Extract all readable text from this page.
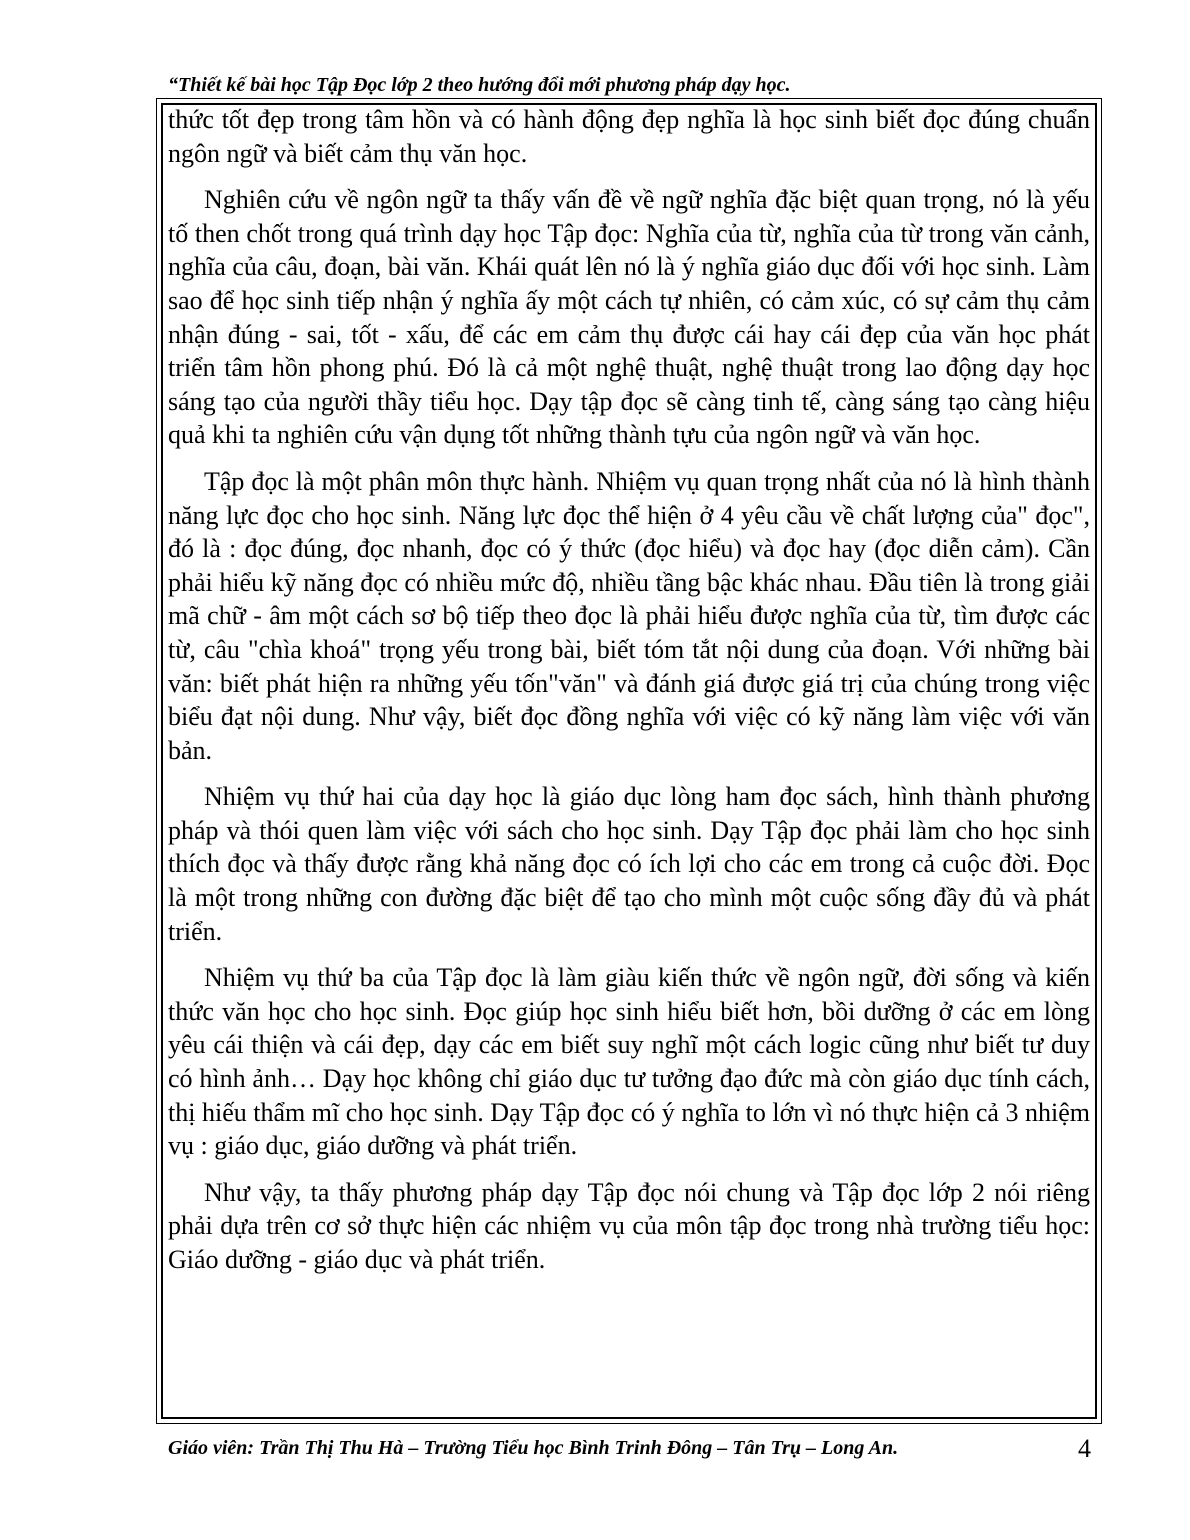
“Thiết kế bài học Tập Đọc lớp 2 theo hướng đổi mới phương pháp dạy học.

thức tốt đẹp trong tâm hồn và có hành động đẹp nghĩa là học sinh biết đọc đúng chuẩn ngôn ngữ và biết cảm thụ văn học.

Nghiên cứu về ngôn ngữ ta thấy vấn đề về ngữ nghĩa đặc biệt quan trọng, nó là yếu tố then chốt trong quá trình dạy học Tập đọc: Nghĩa của từ, nghĩa của từ trong văn cảnh, nghĩa của câu, đoạn, bài văn. Khái quát lên nó là ý nghĩa giáo dục đối với học sinh. Làm sao để học sinh tiếp nhận ý nghĩa ấy một cách tự nhiên, có cảm xúc, có sự cảm thụ cảm nhận đúng - sai, tốt - xấu, để các em cảm thụ được cái hay cái đẹp của văn học phát triển tâm hồn phong phú. Đó là cả một nghệ thuật, nghệ thuật trong lao động dạy học sáng tạo của người thầy tiểu học. Dạy tập đọc sẽ càng tinh tế, càng sáng tạo càng hiệu quả khi ta nghiên cứu vận dụng tốt những thành tựu của ngôn ngữ và văn học.

Tập đọc là một phân môn thực hành. Nhiệm vụ quan trọng nhất của nó là hình thành năng lực đọc cho học sinh. Năng lực đọc thể hiện ở 4 yêu cầu về chất lượng của" đọc", đó là : đọc đúng, đọc nhanh, đọc có ý thức (đọc hiểu) và đọc hay (đọc diễn cảm). Cần phải hiểu kỹ năng đọc có nhiều mức độ, nhiều tầng bậc khác nhau. Đầu tiên là trong giải mã chữ - âm một cách sơ bộ tiếp theo đọc là phải hiểu được nghĩa của từ, tìm được các từ, câu "chìa khoá" trọng yếu trong bài, biết tóm tắt nội dung của đoạn. Với những bài văn: biết phát hiện ra những yếu tốn"văn" và đánh giá được giá trị của chúng trong việc biểu đạt nội dung. Như vậy, biết đọc đồng nghĩa với việc có kỹ năng làm việc với văn bản.

Nhiệm vụ thứ hai của dạy học là giáo dục lòng ham đọc sách, hình thành phương pháp và thói quen làm việc với sách cho học sinh. Dạy Tập đọc phải làm cho học sinh thích đọc và thấy được rằng khả năng đọc có ích lợi cho các em trong cả cuộc đời. Đọc là một trong những con đường đặc biệt để tạo cho mình một cuộc sống đầy đủ và phát triển.

Nhiệm vụ thứ ba của Tập đọc là làm giàu kiến thức về ngôn ngữ, đời sống và kiến thức văn học cho học sinh. Đọc giúp học sinh hiểu biết hơn, bồi dưỡng ở các em lòng yêu cái thiện và cái đẹp, dạy các em biết suy nghĩ một cách logic cũng như biết tư duy có hình ảnh… Dạy học không chỉ giáo dục tư tưởng đạo đức mà còn giáo dục tính cách, thị hiếu thẩm mĩ cho học sinh. Dạy Tập đọc có ý nghĩa to lớn vì nó thực hiện cả 3 nhiệm vụ : giáo dục, giáo dưỡng và phát triển.

Như vậy, ta thấy phương pháp dạy Tập đọc nói chung và Tập đọc lớp 2 nói riêng phải dựa trên cơ sở thực hiện các nhiệm vụ của môn tập đọc trong nhà trường tiểu học: Giáo dưỡng - giáo dục và phát triển.

Giáo viên: Trần Thị Thu Hà – Trường Tiểu học Bình Trinh Đông – Tân Trụ – Long An.	4
